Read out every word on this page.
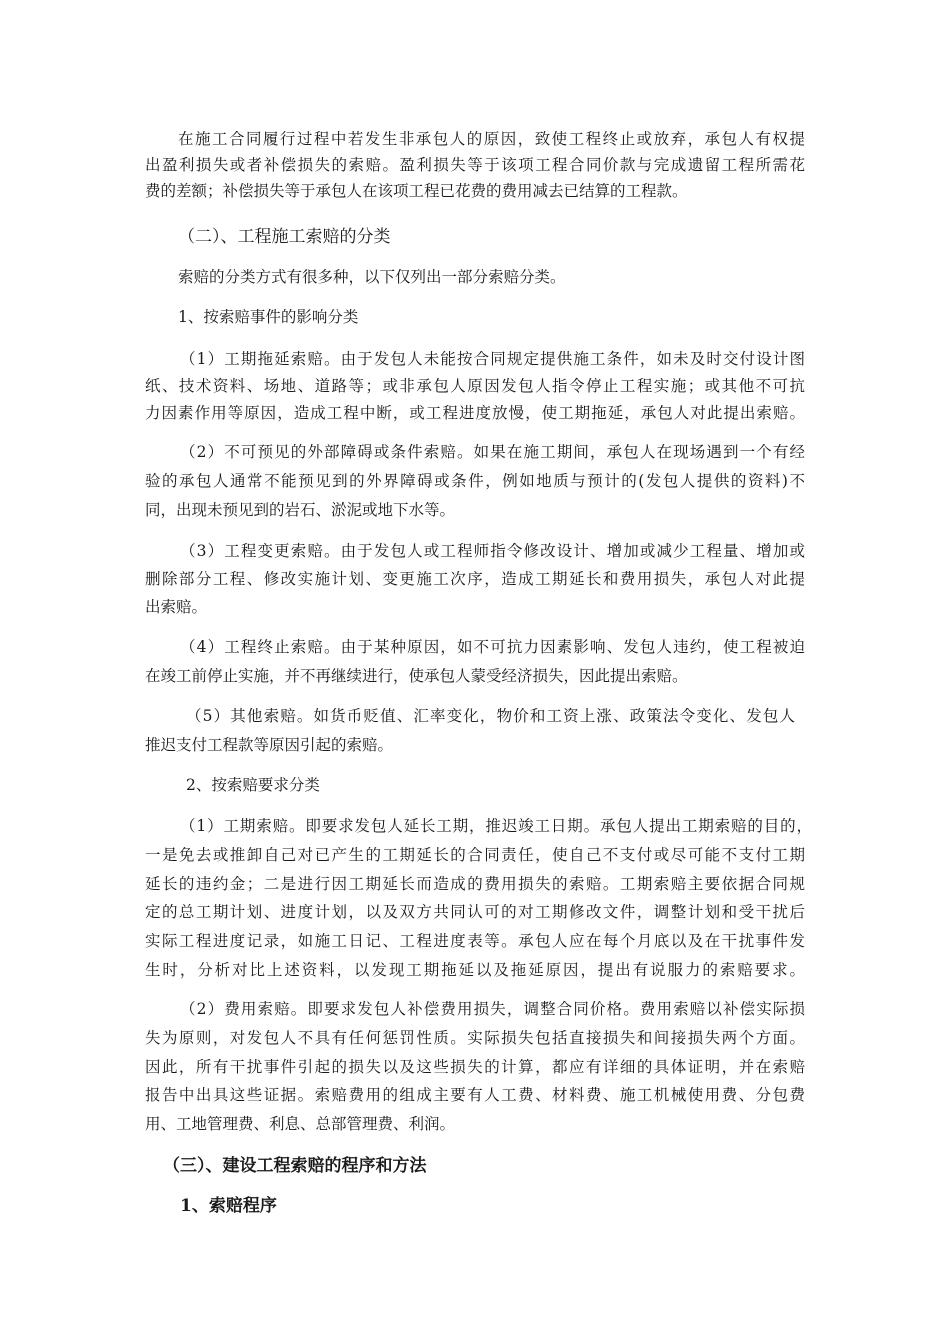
在施工合同履行过程中若发生非承包人的原因，致使工程终止或放弃，承包人有权提

出盈利损失或者补偿损失的索赔。盈利损失等于该项工程合同价款与完成遗留工程所需花

费的差额；补偿损失等于承包人在该项工程已花费的费用减去已结算的工程款。

（二）、工程施工索赔的分类

索赔的分类方式有很多种，以下仅列出一部分索赔分类。

1、按索赔事件的影响分类

（1）工期拖延索赔。由于发包人未能按合同规定提供施工条件，如未及时交付设计图

纸、技术资料、场地、道路等；或非承包人原因发包人指令停止工程实施；或其他不可抗

力因素作用等原因，造成工程中断，或工程进度放慢，使工期拖延，承包人对此提出索赔。

（2）不可预见的外部障碍或条件索赔。如果在施工期间，承包人在现场遇到一个有经

验的承包人通常不能预见到的外界障碍或条件，例如地质与预计的(发包人提供的资料)不

同，出现未预见到的岩石、淤泥或地下水等。

（3）工程变更索赔。由于发包人或工程师指令修改设计、增加或减少工程量、增加或

删除部分工程、修改实施计划、变更施工次序，造成工期延长和费用损失，承包人对此提

出索赔。

（4）工程终止索赔。由于某种原因，如不可抗力因素影响、发包人违约，使工程被迫

在竣工前停止实施，并不再继续进行，使承包人蒙受经济损失，因此提出索赔。

（5）其他索赔。如货币贬值、汇率变化，物价和工资上涨、政策法令变化、发包人

推迟支付工程款等原因引起的索赔。

2、按索赔要求分类

（1）工期索赔。即要求发包人延长工期，推迟竣工日期。承包人提出工期索赔的目的，

一是免去或推卸自己对已产生的工期延长的合同责任，使自己不支付或尽可能不支付工期

延长的违约金；二是进行因工期延长而造成的费用损失的索赔。工期索赔主要依据合同规

定的总工期计划、进度计划，以及双方共同认可的对工期修改文件，调整计划和受干扰后

实际工程进度记录，如施工日记、工程进度表等。承包人应在每个月底以及在干扰事件发

生时，分析对比上述资料，以发现工期拖延以及拖延原因，提出有说服力的索赔要求。

（2）费用索赔。即要求发包人补偿费用损失，调整合同价格。费用索赔以补偿实际损

失为原则，对发包人不具有任何惩罚性质。实际损失包括直接损失和间接损失两个方面。

因此，所有干扰事件引起的损失以及这些损失的计算，都应有详细的具体证明，并在索赔

报告中出具这些证据。索赔费用的组成主要有人工费、材料费、施工机械使用费、分包费

用、工地管理费、利息、总部管理费、利润。

（三）、建设工程索赔的程序和方法

1、索赔程序
